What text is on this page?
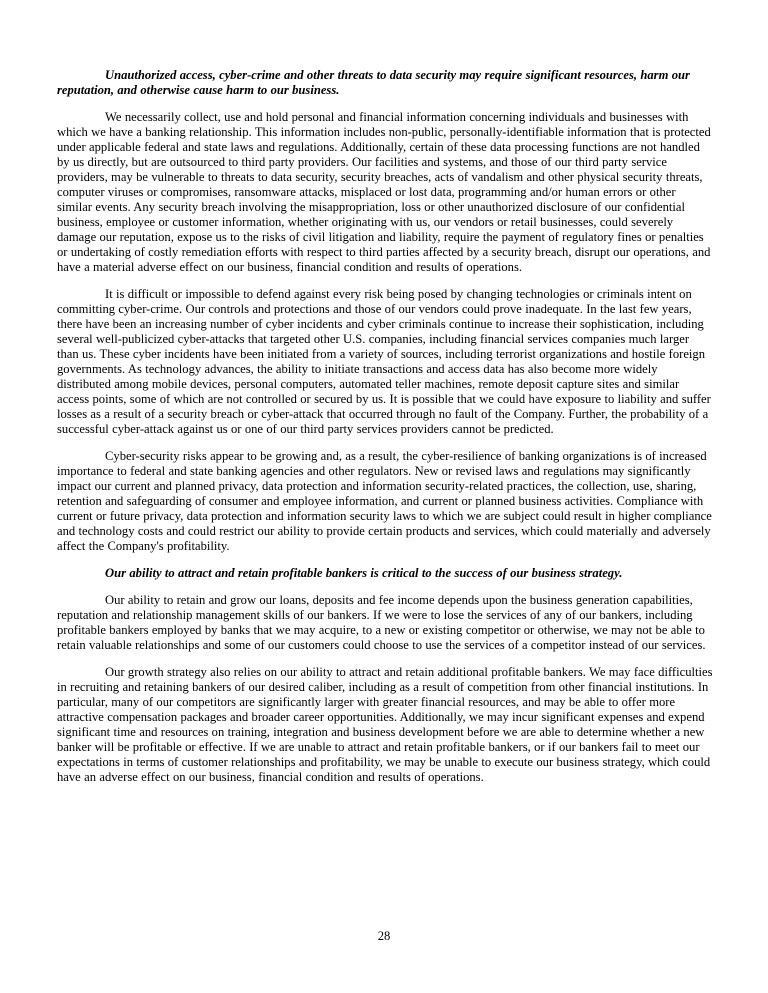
Unauthorized access, cyber-crime and other threats to data security may require significant resources, harm our reputation, and otherwise cause harm to our business.

We necessarily collect, use and hold personal and financial information concerning individuals and businesses with which we have a banking relationship. This information includes non-public, personally-identifiable information that is protected under applicable federal and state laws and regulations. Additionally, certain of these data processing functions are not handled by us directly, but are outsourced to third party providers. Our facilities and systems, and those of our third party service providers, may be vulnerable to threats to data security, security breaches, acts of vandalism and other physical security threats, computer viruses or compromises, ransomware attacks, misplaced or lost data, programming and/or human errors or other similar events. Any security breach involving the misappropriation, loss or other unauthorized disclosure of our confidential business, employee or customer information, whether originating with us, our vendors or retail businesses, could severely damage our reputation, expose us to the risks of civil litigation and liability, require the payment of regulatory fines or penalties or undertaking of costly remediation efforts with respect to third parties affected by a security breach, disrupt our operations, and have a material adverse effect on our business, financial condition and results of operations.

It is difficult or impossible to defend against every risk being posed by changing technologies or criminals intent on committing cyber-crime. Our controls and protections and those of our vendors could prove inadequate. In the last few years, there have been an increasing number of cyber incidents and cyber criminals continue to increase their sophistication, including several well-publicized cyber-attacks that targeted other U.S. companies, including financial services companies much larger than us. These cyber incidents have been initiated from a variety of sources, including terrorist organizations and hostile foreign governments. As technology advances, the ability to initiate transactions and access data has also become more widely distributed among mobile devices, personal computers, automated teller machines, remote deposit capture sites and similar access points, some of which are not controlled or secured by us. It is possible that we could have exposure to liability and suffer losses as a result of a security breach or cyber-attack that occurred through no fault of the Company. Further, the probability of a successful cyber-attack against us or one of our third party services providers cannot be predicted.

Cyber-security risks appear to be growing and, as a result, the cyber-resilience of banking organizations is of increased importance to federal and state banking agencies and other regulators. New or revised laws and regulations may significantly impact our current and planned privacy, data protection and information security-related practices, the collection, use, sharing, retention and safeguarding of consumer and employee information, and current or planned business activities. Compliance with current or future privacy, data protection and information security laws to which we are subject could result in higher compliance and technology costs and could restrict our ability to provide certain products and services, which could materially and adversely affect the Company's profitability.

Our ability to attract and retain profitable bankers is critical to the success of our business strategy.

Our ability to retain and grow our loans, deposits and fee income depends upon the business generation capabilities, reputation and relationship management skills of our bankers. If we were to lose the services of any of our bankers, including profitable bankers employed by banks that we may acquire, to a new or existing competitor or otherwise, we may not be able to retain valuable relationships and some of our customers could choose to use the services of a competitor instead of our services.

Our growth strategy also relies on our ability to attract and retain additional profitable bankers. We may face difficulties in recruiting and retaining bankers of our desired caliber, including as a result of competition from other financial institutions. In particular, many of our competitors are significantly larger with greater financial resources, and may be able to offer more attractive compensation packages and broader career opportunities. Additionally, we may incur significant expenses and expend significant time and resources on training, integration and business development before we are able to determine whether a new banker will be profitable or effective. If we are unable to attract and retain profitable bankers, or if our bankers fail to meet our expectations in terms of customer relationships and profitability, we may be unable to execute our business strategy, which could have an adverse effect on our business, financial condition and results of operations.

28
